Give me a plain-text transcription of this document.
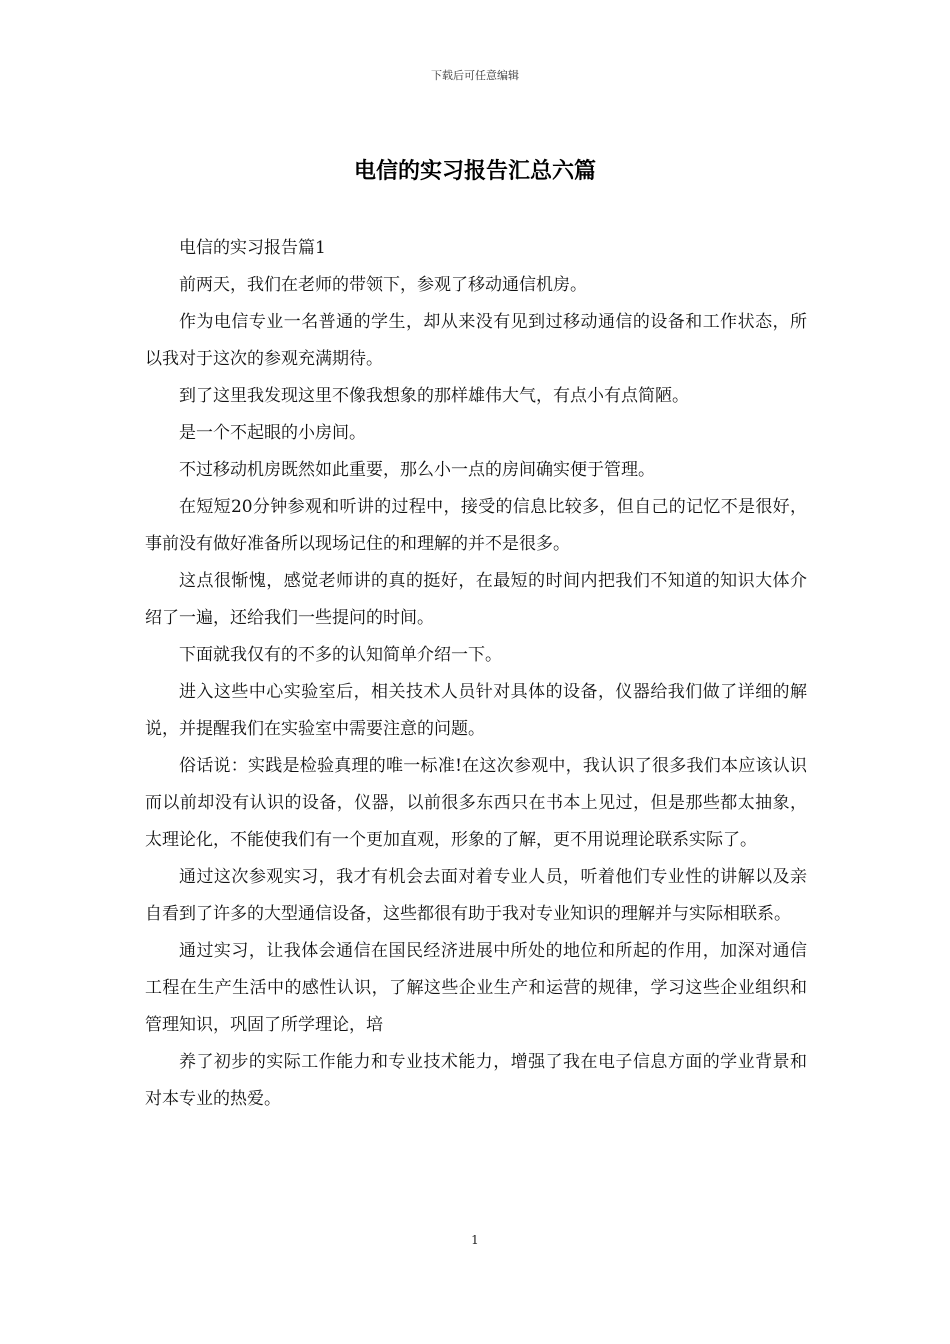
下载后可任意编辑
电信的实习报告汇总六篇

电信的实习报告篇1

前两天，我们在老师的带领下，参观了移动通信机房。

作为电信专业一名普通的学生，却从来没有见到过移动通信的设备和工作状态，所以我对于这次的参观充满期待。

到了这里我发现这里不像我想象的那样雄伟大气，有点小有点简陋。

是一个不起眼的小房间。

不过移动机房既然如此重要，那么小一点的房间确实便于管理。

在短短20分钟参观和听讲的过程中，接受的信息比较多，但自己的记忆不是很好，事前没有做好准备所以现场记住的和理解的并不是很多。

这点很惭愧，感觉老师讲的真的挺好，在最短的时间内把我们不知道的知识大体介绍了一遍，还给我们一些提问的时间。

下面就我仅有的不多的认知简单介绍一下。

进入这些中心实验室后，相关技术人员针对具体的设备，仪器给我们做了详细的解说，并提醒我们在实验室中需要注意的问题。

俗话说：实践是检验真理的唯一标准!在这次参观中，我认识了很多我们本应该认识而以前却没有认识的设备，仪器，以前很多东西只在书本上见过，但是那些都太抽象，太理论化，不能使我们有一个更加直观，形象的了解，更不用说理论联系实际了。

通过这次参观实习，我才有机会去面对着专业人员，听着他们专业性的讲解以及亲自看到了许多的大型通信设备，这些都很有助于我对专业知识的理解并与实际相联系。

通过实习，让我体会通信在国民经济进展中所处的地位和所起的作用，加深对通信工程在生产生活中的感性认识，了解这些企业生产和运营的规律，学习这些企业组织和管理知识，巩固了所学理论，培

养了初步的实际工作能力和专业技术能力，增强了我在电子信息方面的学业背景和对本专业的热爱。

1
